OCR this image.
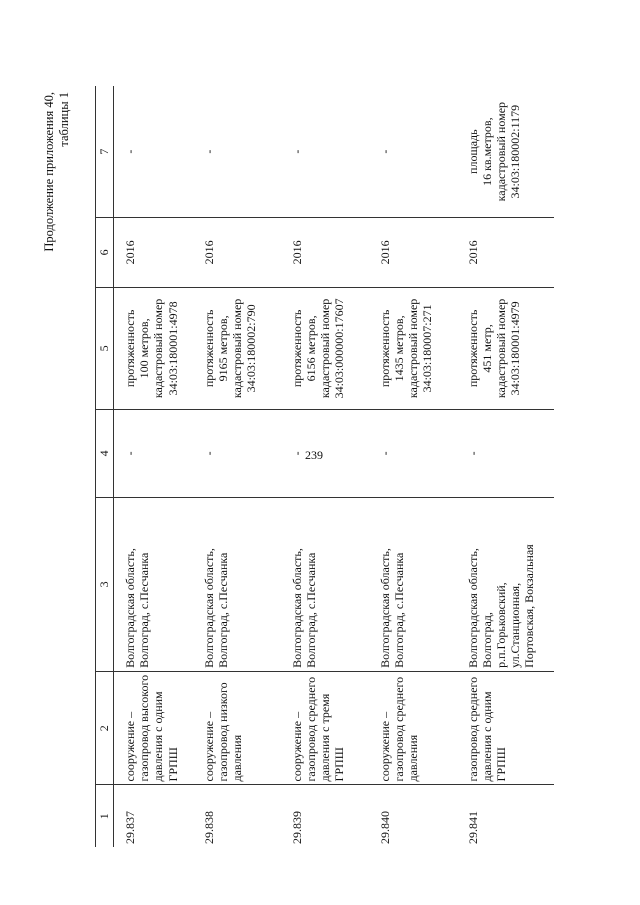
239
Продолжение приложения 40, таблицы 1
1	2	3	4	5	6	7
29.837	сооружение – газопровод высокого давления с одним ГРПШ	Волгоградская область, Волгоград, с.Песчанка	-	протяженность 100 метров, кадастровый номер 34:03:180001:4978	2016	-

29.838	сооружение – газопровод низкого давления	Волгоградская область, Волгоград, с.Песчанка	-	протяженность 9165 метров, кадастровый номер 34:03:180002:790	2016	-

29.839	сооружение – газопровод среднего давления с тремя ГРПШ	Волгоградская область, Волгоград, с.Песчанка	-	протяженность 6156 метров, кадастровый номер 34:03:000000:17607	2016	-

29.840	сооружение – газопровод среднего давления	Волгоградская область, Волгоград, с.Песчанка	-	протяженность 1435 метров, кадастровый номер 34:03:180007:271	2016	-

29.841	газопровод среднего давления с одним ГРПШ	Волгоградская область, Волгоград, р.п.Горьковский, ул.Станционная, Портовская, Вокзальная	-	протяженность 451 метр, кадастровый номер 34:03:180001:4979	2016	площадь 16 кв.метров, кадастровый номер 34:03:180002:1179
